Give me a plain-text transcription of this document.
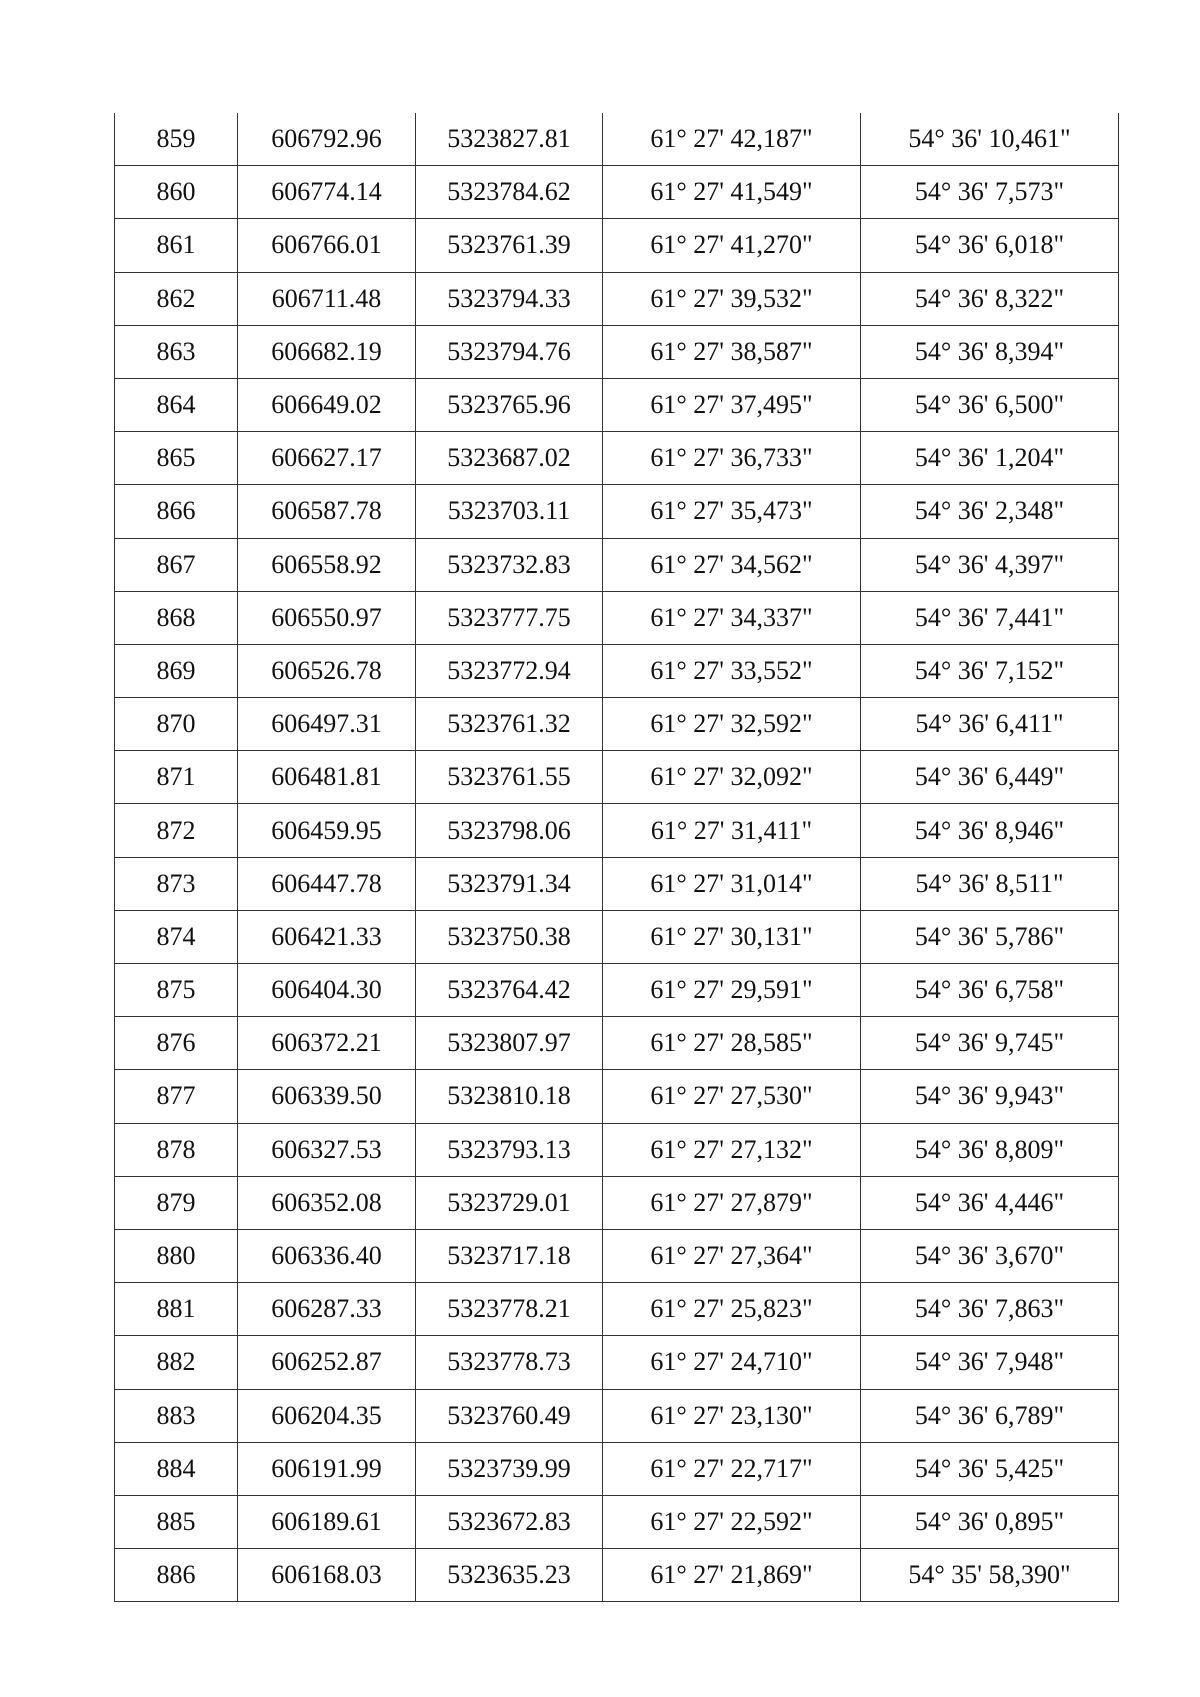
859	606792.96	5323827.81	61° 27' 42,187"	54° 36' 10,461"
860	606774.14	5323784.62	61° 27' 41,549"	54° 36' 7,573"
861	606766.01	5323761.39	61° 27' 41,270"	54° 36' 6,018"
862	606711.48	5323794.33	61° 27' 39,532"	54° 36' 8,322"
863	606682.19	5323794.76	61° 27' 38,587"	54° 36' 8,394"
864	606649.02	5323765.96	61° 27' 37,495"	54° 36' 6,500"
865	606627.17	5323687.02	61° 27' 36,733"	54° 36' 1,204"
866	606587.78	5323703.11	61° 27' 35,473"	54° 36' 2,348"
867	606558.92	5323732.83	61° 27' 34,562"	54° 36' 4,397"
868	606550.97	5323777.75	61° 27' 34,337"	54° 36' 7,441"
869	606526.78	5323772.94	61° 27' 33,552"	54° 36' 7,152"
870	606497.31	5323761.32	61° 27' 32,592"	54° 36' 6,411"
871	606481.81	5323761.55	61° 27' 32,092"	54° 36' 6,449"
872	606459.95	5323798.06	61° 27' 31,411"	54° 36' 8,946"
873	606447.78	5323791.34	61° 27' 31,014"	54° 36' 8,511"
874	606421.33	5323750.38	61° 27' 30,131"	54° 36' 5,786"
875	606404.30	5323764.42	61° 27' 29,591"	54° 36' 6,758"
876	606372.21	5323807.97	61° 27' 28,585"	54° 36' 9,745"
877	606339.50	5323810.18	61° 27' 27,530"	54° 36' 9,943"
878	606327.53	5323793.13	61° 27' 27,132"	54° 36' 8,809"
879	606352.08	5323729.01	61° 27' 27,879"	54° 36' 4,446"
880	606336.40	5323717.18	61° 27' 27,364"	54° 36' 3,670"
881	606287.33	5323778.21	61° 27' 25,823"	54° 36' 7,863"
882	606252.87	5323778.73	61° 27' 24,710"	54° 36' 7,948"
883	606204.35	5323760.49	61° 27' 23,130"	54° 36' 6,789"
884	606191.99	5323739.99	61° 27' 22,717"	54° 36' 5,425"
885	606189.61	5323672.83	61° 27' 22,592"	54° 36' 0,895"
886	606168.03	5323635.23	61° 27' 21,869"	54° 35' 58,390"
